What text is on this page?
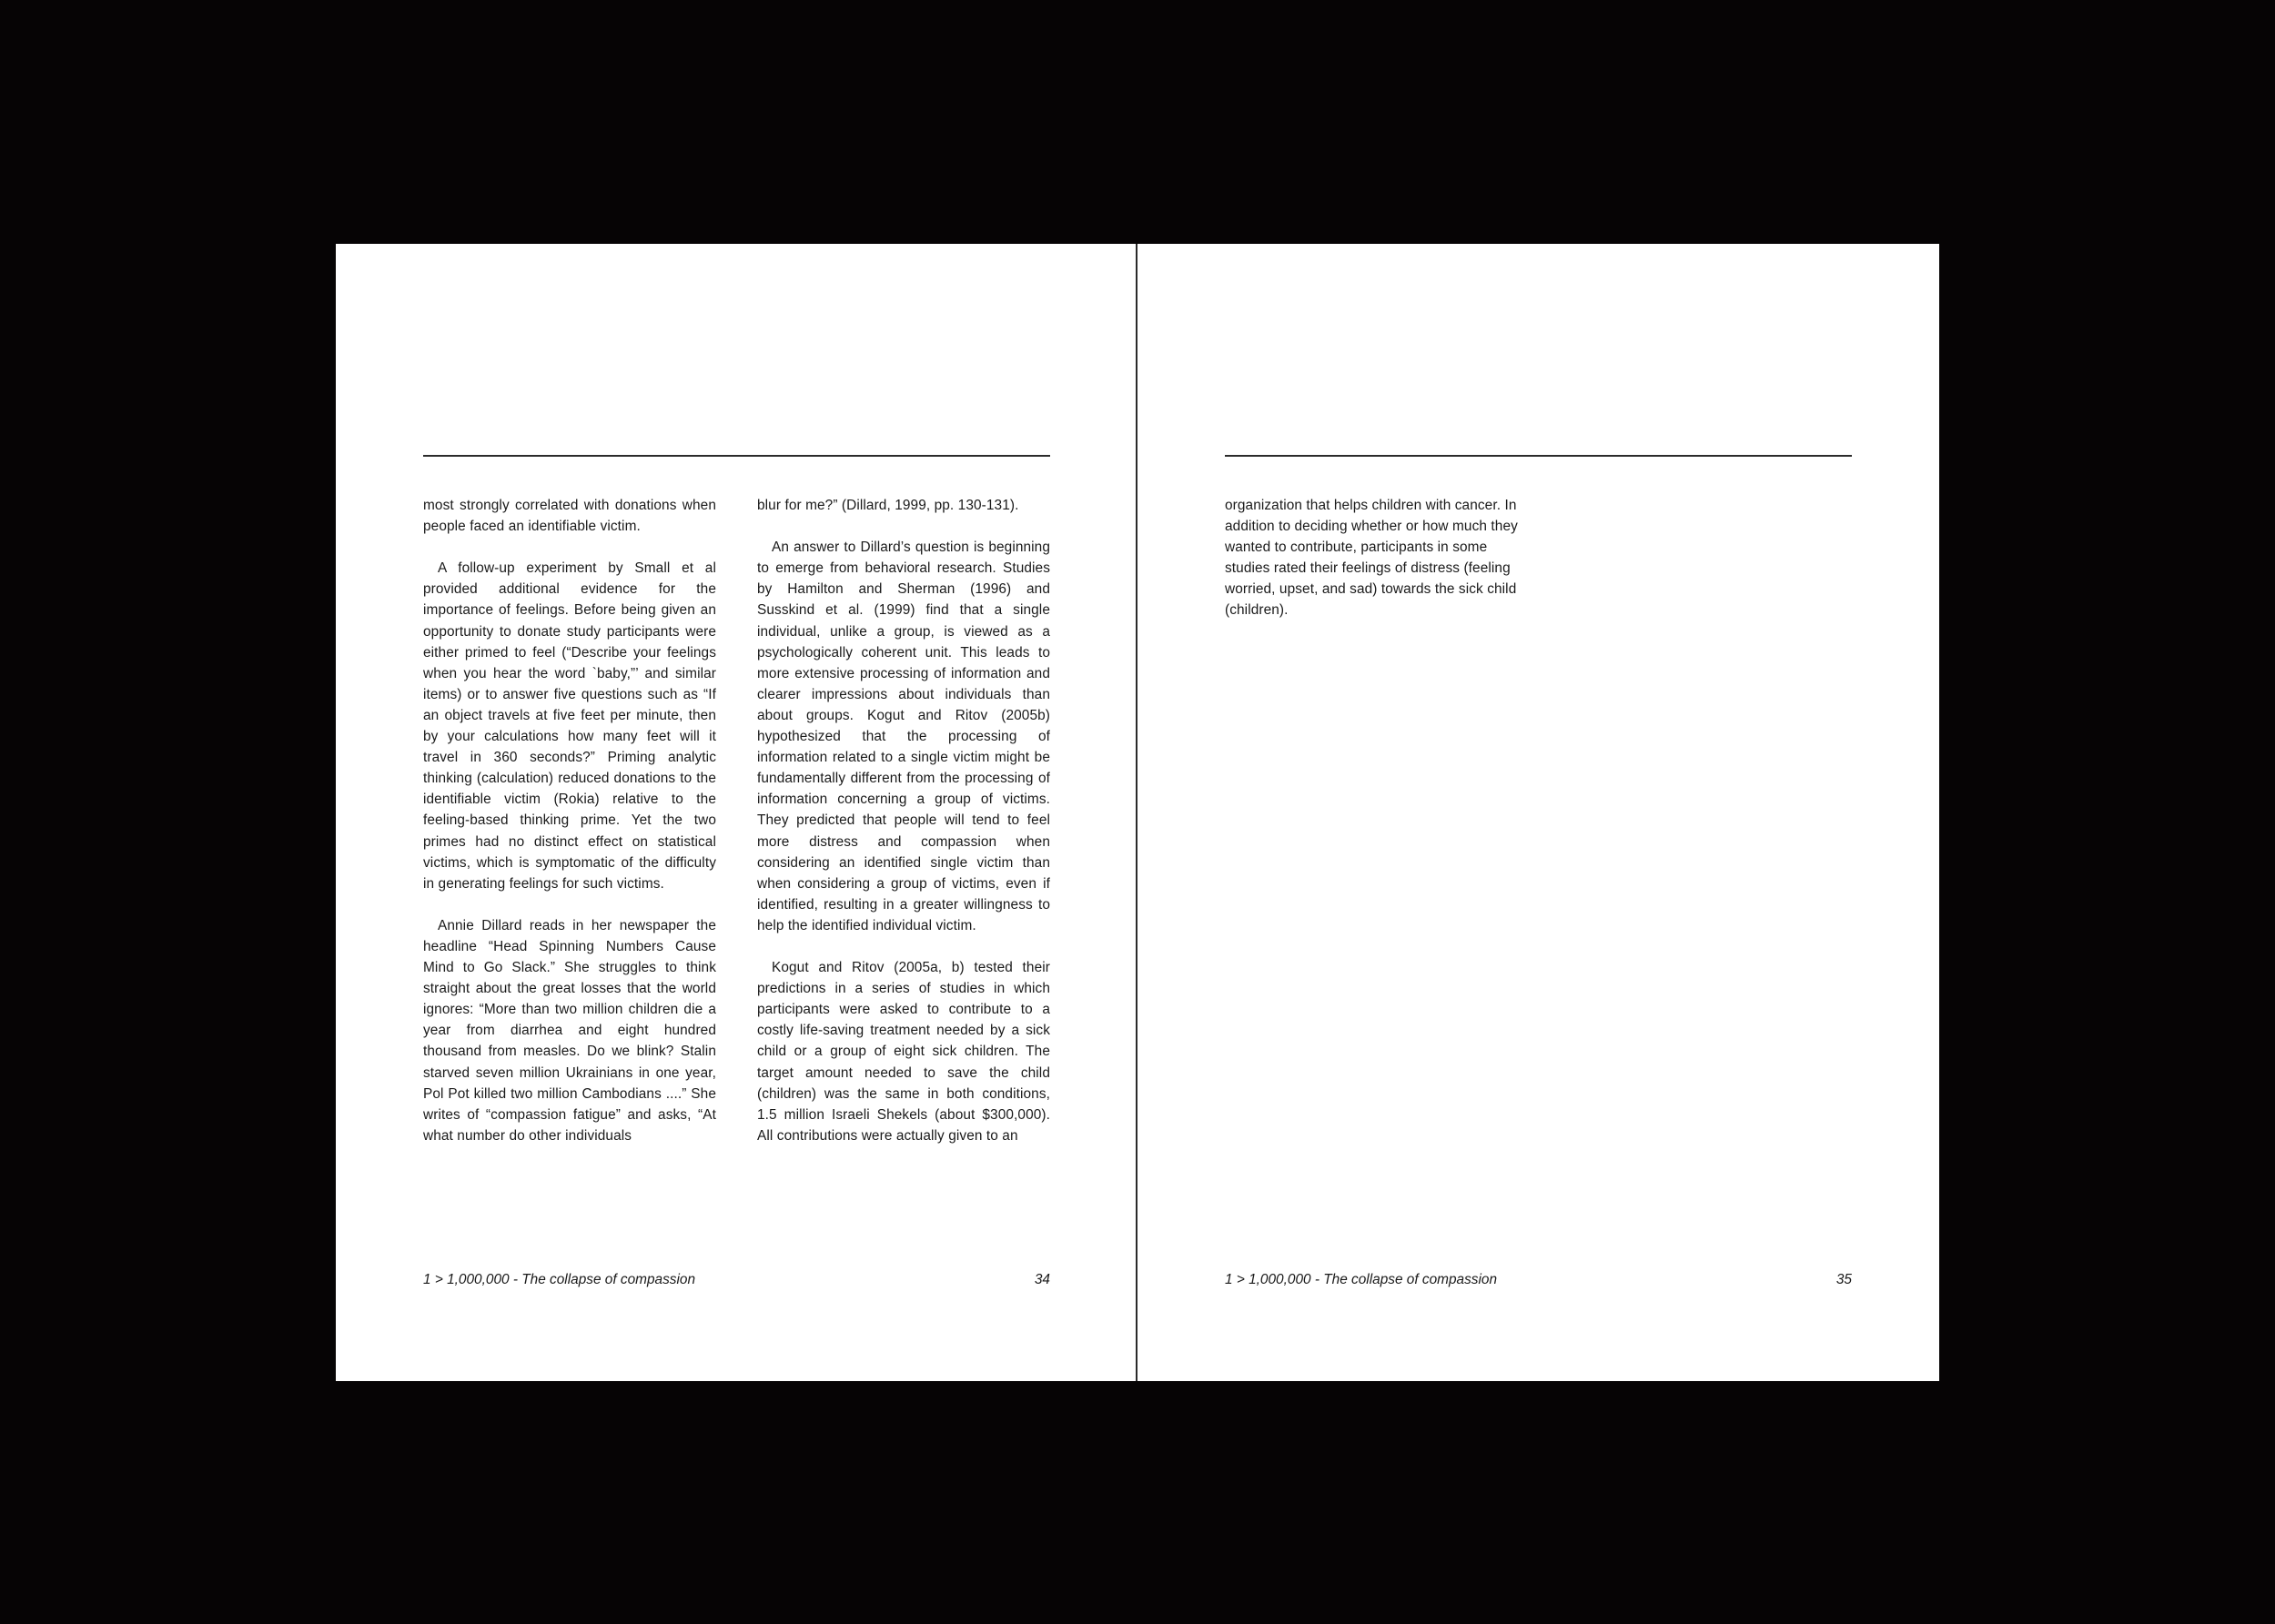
most strongly correlated with donations when people faced an identifiable victim.

A follow-up experiment by Small et al provided additional evidence for the importance of feelings. Before being given an opportunity to donate study participants were either primed to feel (“Describe your feelings when you hear the word `baby,”’ and similar items) or to answer five questions such as “If an object travels at five feet per minute, then by your calculations how many feet will it travel in 360 seconds?” Priming analytic thinking (calculation) reduced donations to the identifiable victim (Rokia) relative to the feeling-based thinking prime. Yet the two primes had no distinct effect on statistical victims, which is symptomatic of the difficulty in generating feelings for such victims.

Annie Dillard reads in her newspaper the headline “Head Spinning Numbers Cause Mind to Go Slack.” She struggles to think straight about the great losses that the world ignores: “More than two million children die a year from diarrhea and eight hundred thousand from measles. Do we blink? Stalin starved seven million Ukrainians in one year, Pol Pot killed two million Cambodians ....” She writes of “compassion fatigue” and asks, “At what number do other individuals

blur for me?” (Dillard, 1999, pp. 130-131).

An answer to Dillard’s question is beginning to emerge from behavioral research. Studies by Hamilton and Sherman (1996) and Susskind et al. (1999) find that a single individual, unlike a group, is viewed as a psychologically coherent unit. This leads to more extensive processing of information and clearer impressions about individuals than about groups. Kogut and Ritov (2005b) hypothesized that the processing of information related to a single victim might be fundamentally different from the processing of information concerning a group of victims. They predicted that people will tend to feel more distress and compassion when considering an identified single victim than when considering a group of victims, even if identified, resulting in a greater willingness to help the identified individual victim.

Kogut and Ritov (2005a, b) tested their predictions in a series of studies in which participants were asked to contribute to a costly life-saving treatment needed by a sick child or a group of eight sick children. The target amount needed to save the child (children) was the same in both conditions, 1.5 million Israeli Shekels (about $300,000). All contributions were actually given to an

1 > 1,000,000 - The collapse of compassion	34

organization that helps children with cancer. In addition to deciding whether or how much they wanted to contribute, participants in some studies rated their feelings of distress (feeling worried, upset, and sad) towards the sick child (children).

1 > 1,000,000 - The collapse of compassion	35
